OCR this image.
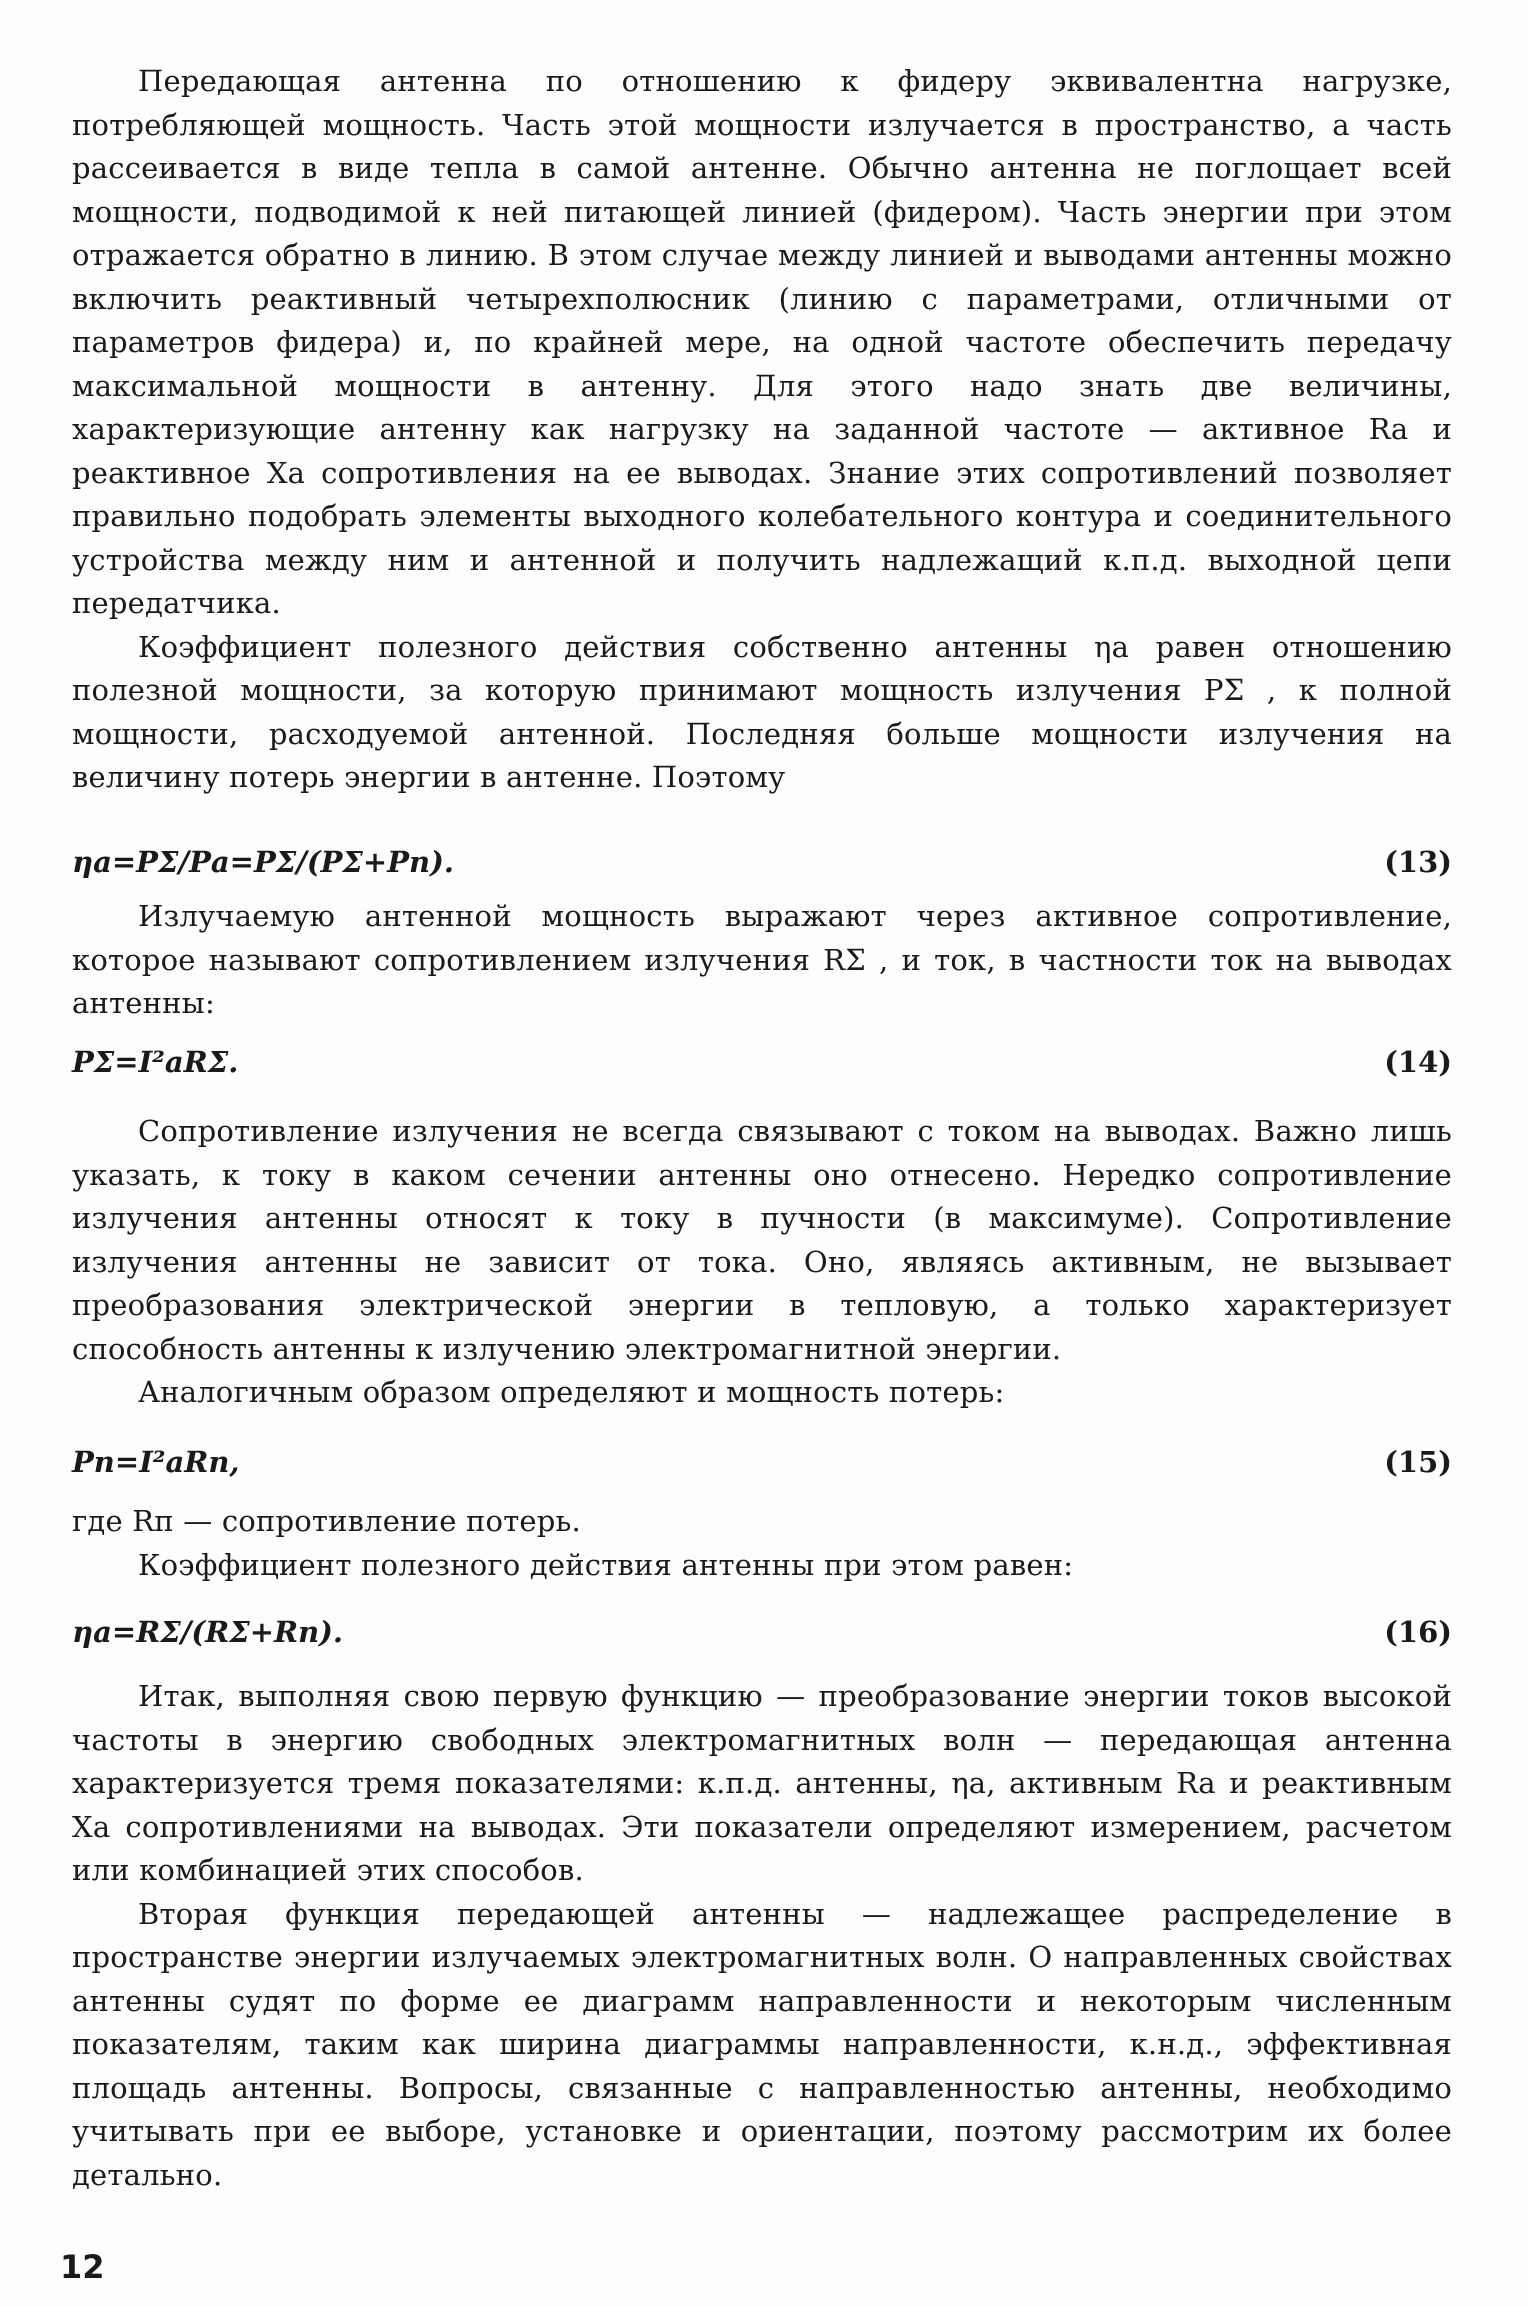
Передающая антенна по отношению к фидеру эквивалентна нагрузке, потребляющей мощность. Часть этой мощности излучается в пространство, а часть рассеивается в виде тепла в самой антенне. Обычно антенна не поглощает всей мощности, подводимой к ней питающей линией (фидером). Часть энергии при этом отражается обратно в линию. В этом случае между линией и выводами антенны можно включить реактивный четырехполюсник (линию с параметрами, отличными от параметров фидера) и, по крайней мере, на одной частоте обеспечить передачу максимальной мощности в антенну. Для этого надо знать две величины, характеризующие антенну как нагрузку на заданной частоте — активное Rа и реактивное Xа сопротивления на ее выводах. Знание этих сопротивлений позволяет правильно подобрать элементы выходного колебательного контура и соединительного устройства между ним и антенной и получить надлежащий к.п.д. выходной цепи передатчика.

Коэффициент полезного действия собственно антенны ηа равен отношению полезной мощности, за которую принимают мощность излучения PΣ , к полной мощности, расходуемой антенной. Последняя больше мощности излучения на величину потерь энергии в антенне. Поэтому

ηа=PΣ/Pа=PΣ/(PΣ+Pп).	(13)

Излучаемую антенной мощность выражают через активное сопротивление, которое называют сопротивлением излучения RΣ , и ток, в частности ток на выводах антенны:

PΣ=I²аRΣ.	(14)

Сопротивление излучения не всегда связывают с током на выводах. Важно лишь указать, к току в каком сечении антенны оно отнесено. Нередко сопротивление излучения антенны относят к току в пучности (в максимуме). Сопротивление излучения антенны не зависит от тока. Оно, являясь активным, не вызывает преобразования электрической энергии в тепловую, а только характеризует способность антенны к излучению электромагнитной энергии.

Аналогичным образом определяют и мощность потерь:

Pп=I²аRп,	(15)

где Rп — сопротивление потерь.

Коэффициент полезного действия антенны при этом равен:

ηа=RΣ/(RΣ+Rп).	(16)

Итак, выполняя свою первую функцию — преобразование энергии токов высокой частоты в энергию свободных электромагнитных волн — передающая антенна характеризуется тремя показателями: к.п.д. антенны, ηа, активным Rа и реактивным Xа сопротивлениями на выводах. Эти показатели определяют измерением, расчетом или комбинацией этих способов.

Вторая функция передающей антенны — надлежащее распределение в пространстве энергии излучаемых электромагнитных волн. О направленных свойствах антенны судят по форме ее диаграмм направленности и некоторым численным показателям, таким как ширина диаграммы направленности, к.н.д., эффективная площадь антенны. Вопросы, связанные с направленностью антенны, необходимо учитывать при ее выборе, установке и ориентации, поэтому рассмотрим их более детально.

12
